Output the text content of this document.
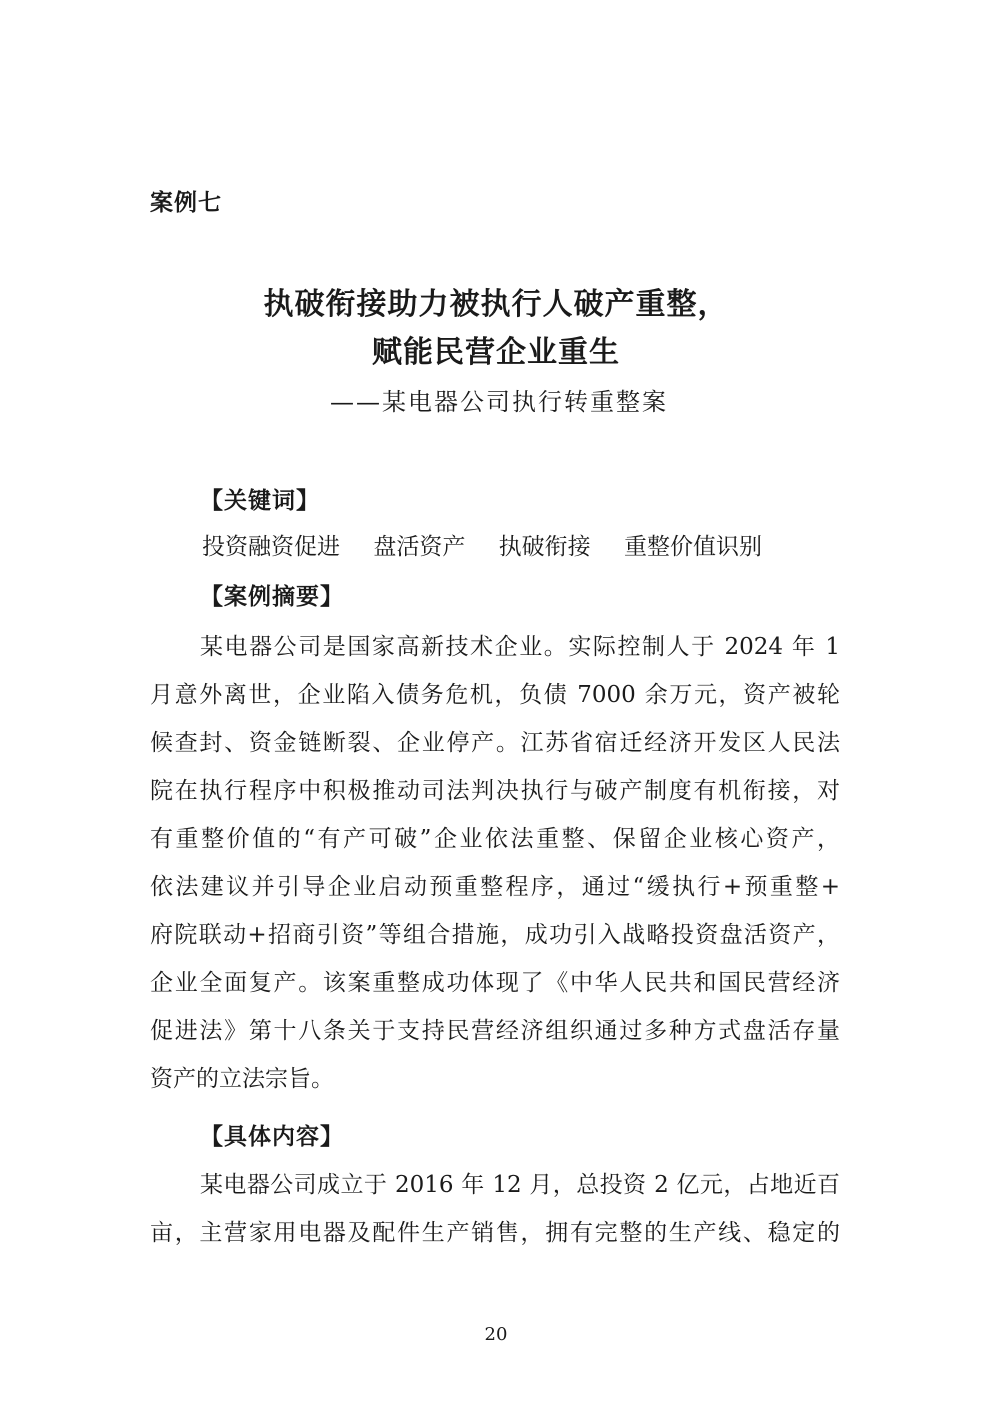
案例七
执破衔接助力被执行人破产重整，
赋能民营企业重生
——某电器公司执行转重整案
【关键词】
投资融资促进 盘活资产 执破衔接 重整价值识别
【案例摘要】
某电器公司是国家高新技术企业。实际控制人于 2024 年 1
月意外离世，企业陷入债务危机，负债 7000 余万元，资产被轮
候查封、资金链断裂、企业停产。江苏省宿迁经济开发区人民法
院在执行程序中积极推动司法判决执行与破产制度有机衔接，对
有重整价值的“有产可破”企业依法重整、保留企业核心资产，
依法建议并引导企业启动预重整程序，通过“缓执行+预重整+
府院联动+招商引资”等组合措施，成功引入战略投资盘活资产，
企业全面复产。该案重整成功体现了《中华人民共和国民营经济
促进法》第十八条关于支持民营经济组织通过多种方式盘活存量
资产的立法宗旨。
【具体内容】
某电器公司成立于 2016 年 12 月，总投资 2 亿元，占地近百
亩，主营家用电器及配件生产销售，拥有完整的生产线、稳定的
20
